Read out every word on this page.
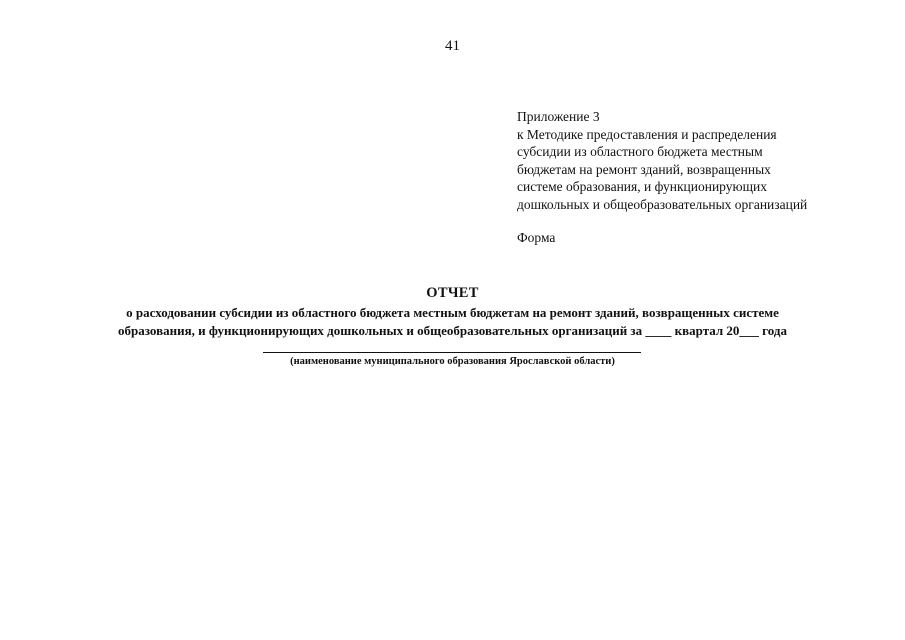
41
Приложение 3
к Методике предоставления и распределения
субсидии из областного бюджета местным
бюджетам на ремонт зданий, возвращенных
системе образования, и функционирующих
дошкольных и общеобразовательных организаций
Форма
ОТЧЕТ
о расходовании субсидии из областного бюджета местным бюджетам на ремонт зданий, возвращенных системе
образования, и функционирующих дошкольных и общеобразовательных организаций за ____ квартал 20___ года
(наименование муниципального образования Ярославской области)
